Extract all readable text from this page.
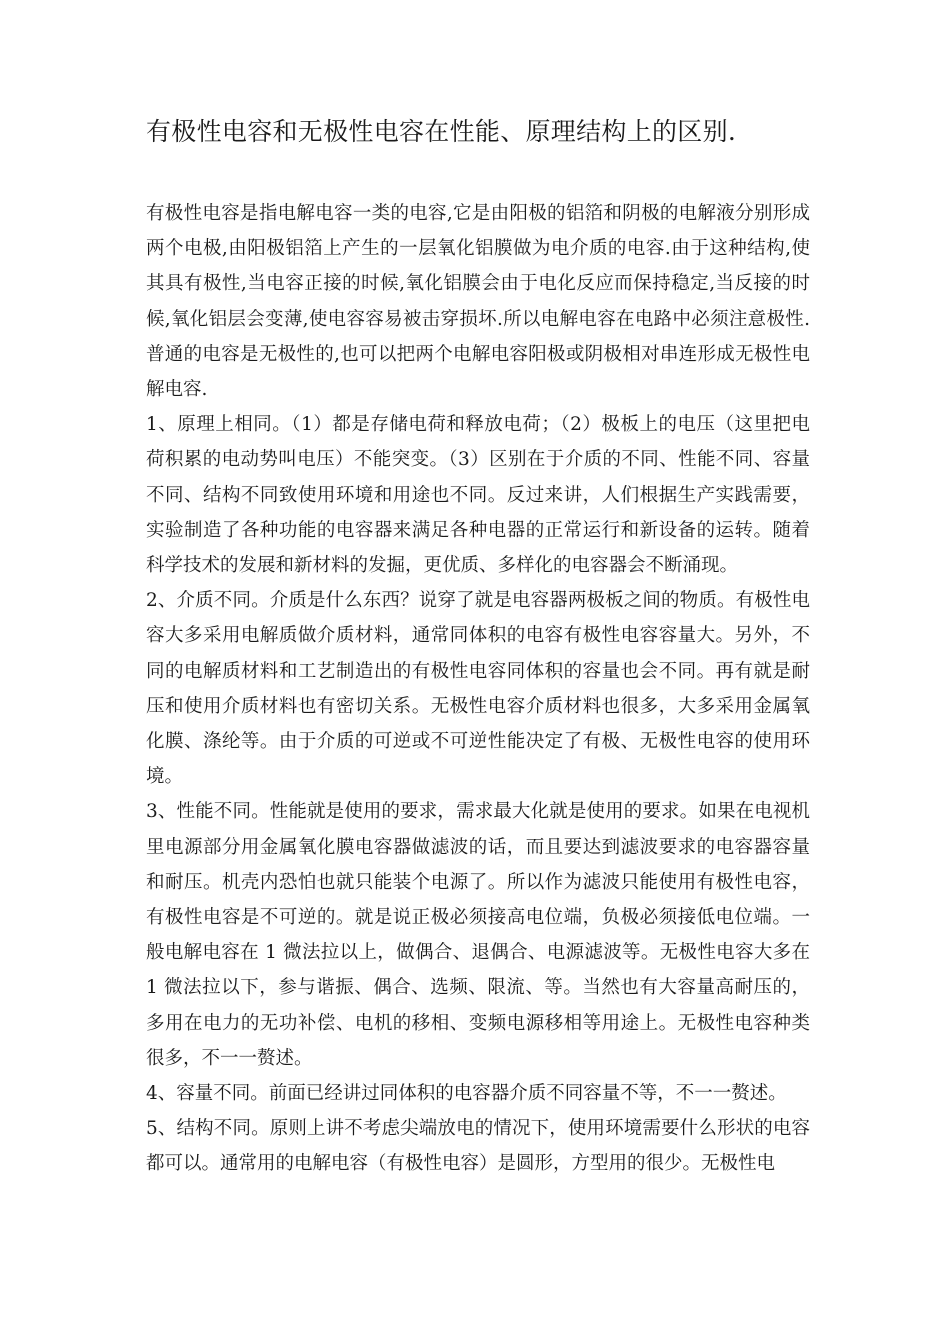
有极性电容和无极性电容在性能、原理结构上的区别.

有极性电容是指电解电容一类的电容,它是由阳极的铝箔和阴极的电解液分别形成两个电极,由阳极铝箔上产生的一层氧化铝膜做为电介质的电容.由于这种结构,使其具有极性,当电容正接的时候,氧化铝膜会由于电化反应而保持稳定,当反接的时候,氧化铝层会变薄,使电容容易被击穿损坏.所以电解电容在电路中必须注意极性.普通的电容是无极性的,也可以把两个电解电容阳极或阴极相对串连形成无极性电解电容.

1、原理上相同。（1）都是存储电荷和释放电荷；（2）极板上的电压（这里把电荷积累的电动势叫电压）不能突变。（3）区别在于介质的不同、性能不同、容量不同、结构不同致使用环境和用途也不同。反过来讲，人们根据生产实践需要，实验制造了各种功能的电容器来满足各种电器的正常运行和新设备的运转。随着科学技术的发展和新材料的发掘，更优质、多样化的电容器会不断涌现。

2、介质不同。介质是什么东西？说穿了就是电容器两极板之间的物质。有极性电容大多采用电解质做介质材料，通常同体积的电容有极性电容容量大。另外，不同的电解质材料和工艺制造出的有极性电容同体积的容量也会不同。再有就是耐压和使用介质材料也有密切关系。无极性电容介质材料也很多，大多采用金属氧化膜、涤纶等。由于介质的可逆或不可逆性能决定了有极、无极性电容的使用环境。

3、性能不同。性能就是使用的要求，需求最大化就是使用的要求。如果在电视机里电源部分用金属氧化膜电容器做滤波的话，而且要达到滤波要求的电容器容量和耐压。机壳内恐怕也就只能装个电源了。所以作为滤波只能使用有极性电容，有极性电容是不可逆的。就是说正极必须接高电位端，负极必须接低电位端。一般电解电容在 1 微法拉以上，做偶合、退偶合、电源滤波等。无极性电容大多在 1 微法拉以下，参与谐振、偶合、选频、限流、等。当然也有大容量高耐压的，多用在电力的无功补偿、电机的移相、变频电源移相等用途上。无极性电容种类很多，不一一赘述。

4、容量不同。前面已经讲过同体积的电容器介质不同容量不等，不一一赘述。

5、结构不同。原则上讲不考虑尖端放电的情况下，使用环境需要什么形状的电容都可以。通常用的电解电容（有极性电容）是圆形，方型用的很少。无极性电
